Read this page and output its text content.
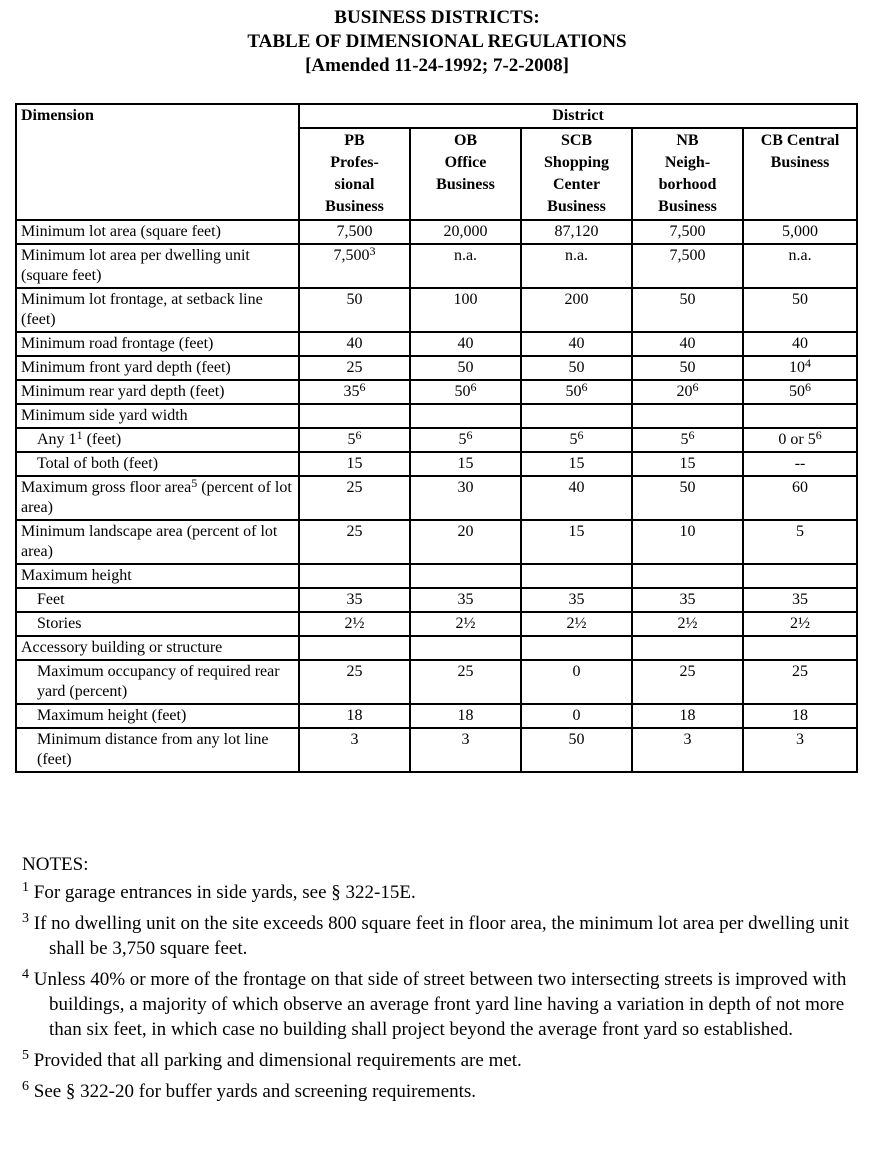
BUSINESS DISTRICTS:
TABLE OF DIMENSIONAL REGULATIONS
[Amended 11-24-1992; 7-2-2008]
Dimension	District				

	PB
Profes-
sional
Business	OB
Office
Business	SCB
Shopping
Center
Business	NB
Neigh-
borhood
Business	CB Central
Business

Minimum lot area (square feet)	7,500	20,000	87,120	7,500	5,000
Minimum lot area per dwelling unit (square feet)	7,500$^3$	n.a.	n.a.	7,500	n.a.
Minimum lot frontage, at setback line (feet)	50	100	200	50	50
Minimum road frontage (feet)	40	40	40	40	40
Minimum front yard depth (feet)	25	50	50	50	$10^4$
Minimum rear yard depth (feet)	$35^6$	$50^6$	$50^6$	$20^6$	$50^6$
Minimum side yard width					
Any $1^1$ (feet)	$5^6$	$5^6$	$5^6$	$5^6$	0 or $5^6$
Total of both (feet)	15	15	15	15	--
Maximum gross floor area$^5$ (percent of lot area)	25	30	40	50	60
Minimum landscape area (percent of lot area)	25	20	15	10	5
Maximum height					
Feet	35	35	35	35	35
Stories	2½	2½	2½	2½	2½
Accessory building or structure					
Maximum occupancy of required rear yard (percent)	25	25	0	25	25
Maximum height (feet)	18	18	0	18	18
Minimum distance from any lot line (feet)	3	3	50	3	3
NOTES:
$^1$ For garage entrances in side yards, see § 322-15E.
$^3$ If no dwelling unit on the site exceeds 800 square feet in floor area, the minimum lot area per dwelling unit shall be 3,750 square feet.
$^4$ Unless 40% or more of the frontage on that side of street between two intersecting streets is improved with buildings, a majority of which observe an average front yard line having a variation in depth of not more than six feet, in which case no building shall project beyond the average front yard so established.
$^5$ Provided that all parking and dimensional requirements are met.
$^6$ See § 322-20 for buffer yards and screening requirements.
